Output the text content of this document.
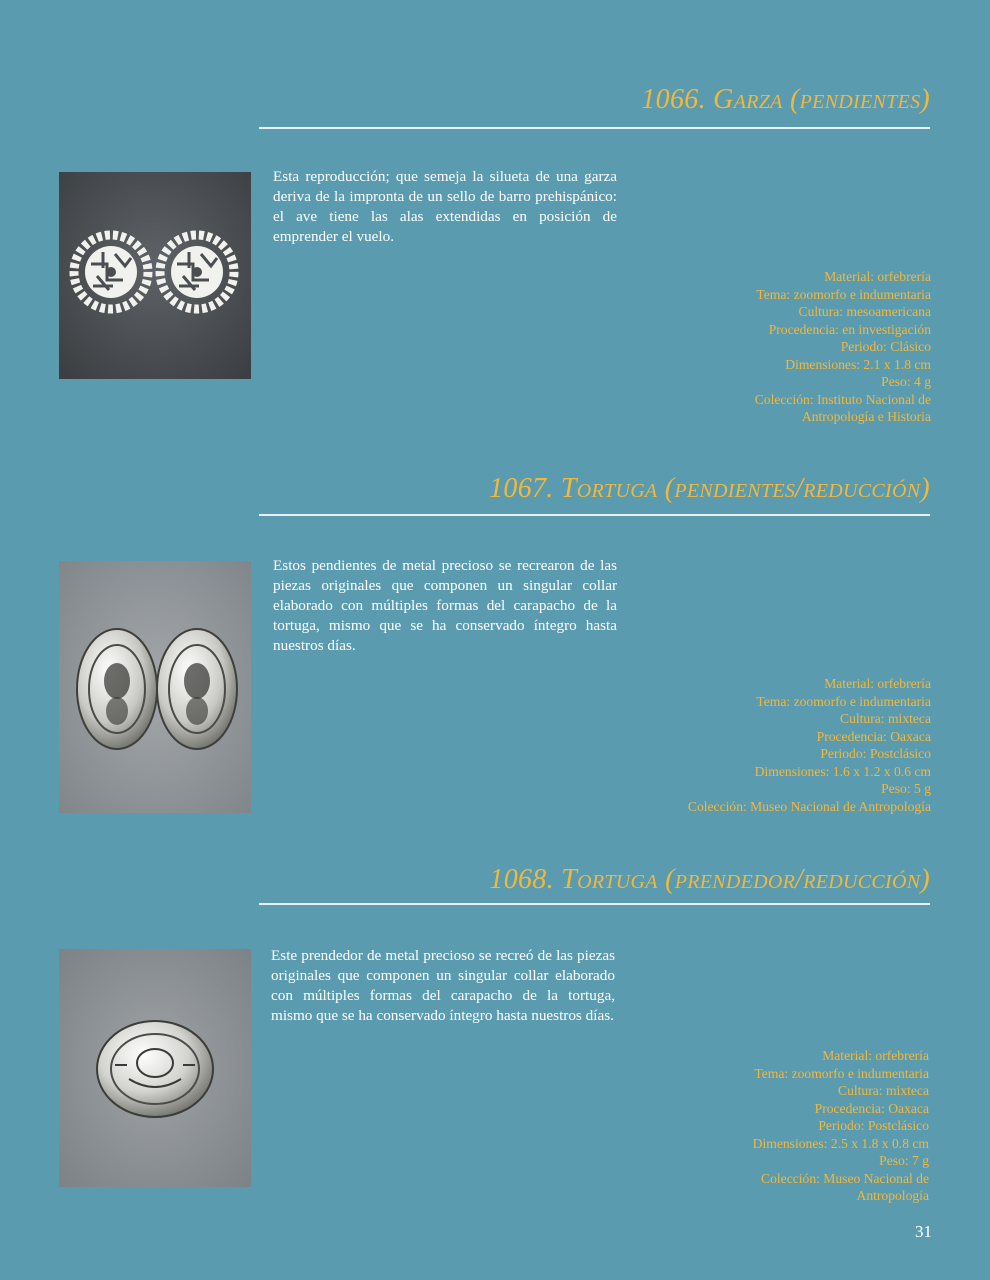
1066. Garza (pendientes)
Esta reproducción; que semeja la silueta de una garza deriva de la impronta de un sello de barro prehispánico: el ave tiene las alas extendidas en posición de emprender el vuelo.
Material: orfebrería
Tema: zoomorfo e indumentaria
Cultura: mesoamericana
Procedencia: en investigación
Periodo: Clásico
Dimensiones: 2.1 x 1.8 cm
Peso: 4 g
Colección: Instituto Nacional de
Antropología e Historia
1067. Tortuga (pendientes/reducción)
Estos pendientes de metal precioso se recrearon de las piezas originales que componen un singular collar elaborado con múltiples formas del carapacho de la tortuga, mismo que se ha conservado íntegro hasta nuestros días.
Material: orfebrería
Tema: zoomorfo e indumentaria
Cultura: mixteca
Procedencia: Oaxaca
Periodo: Postclásico
Dimensiones: 1.6 x 1.2 x 0.6 cm
Peso: 5 g
Colección: Museo Nacional de Antropología
1068. Tortuga (prendedor/reducción)
Este prendedor de metal precioso se recreó de las piezas originales que componen un singular collar elaborado con múltiples formas del carapacho de la tortuga, mismo que se ha conservado íntegro hasta nuestros días.
Material: orfebrería
Tema: zoomorfo e indumentaria
Cultura: mixteca
Procedencia: Oaxaca
Periodo: Postclásico
Dimensiones: 2.5 x 1.8 x 0.8 cm
Peso: 7 g
Colección: Museo Nacional de
Antropología
31
